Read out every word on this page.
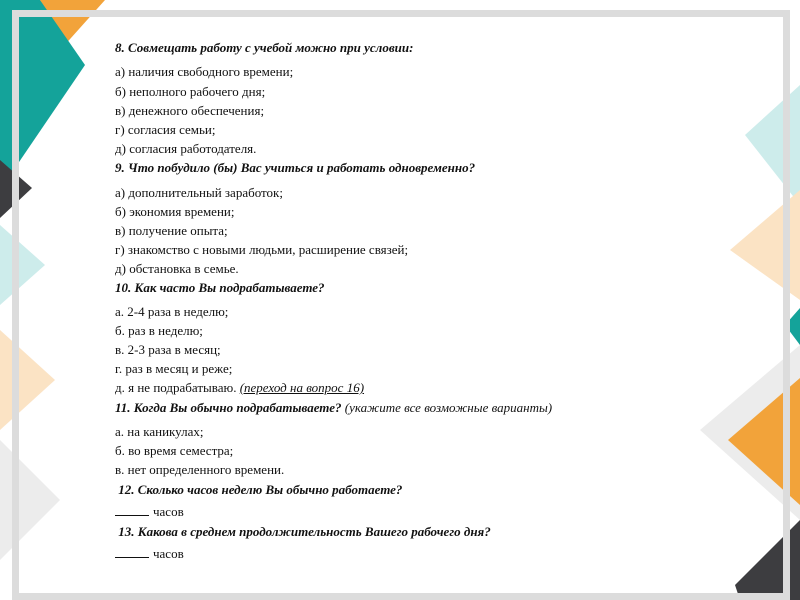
8. Совмещать работу с учебой можно при условии:
а) наличия свободного времени;
б) неполного рабочего дня;
в) денежного обеспечения;
г) согласия семьи;
д) согласия работодателя.
9. Что побудило (бы) Вас учиться и работать одновременно?
а) дополнительный заработок;
б) экономия времени;
в) получение опыта;
г) знакомство с новыми людьми, расширение связей;
д) обстановка в семье.
10. Как часто Вы подрабатываете?
а. 2-4 раза в неделю;
б. раз в неделю;
в. 2-3 раза в месяц;
г. раз в месяц и реже;
д. я не подрабатываю. (переход на вопрос 16)
11. Когда Вы обычно подрабатываете? (укажите все возможные варианты)
а. на каникулах;
б. во время семестра;
в. нет определенного времени.
12. Сколько часов неделю Вы обычно работаете?
часов
13. Какова в среднем продолжительность Вашего рабочего дня?
часов
